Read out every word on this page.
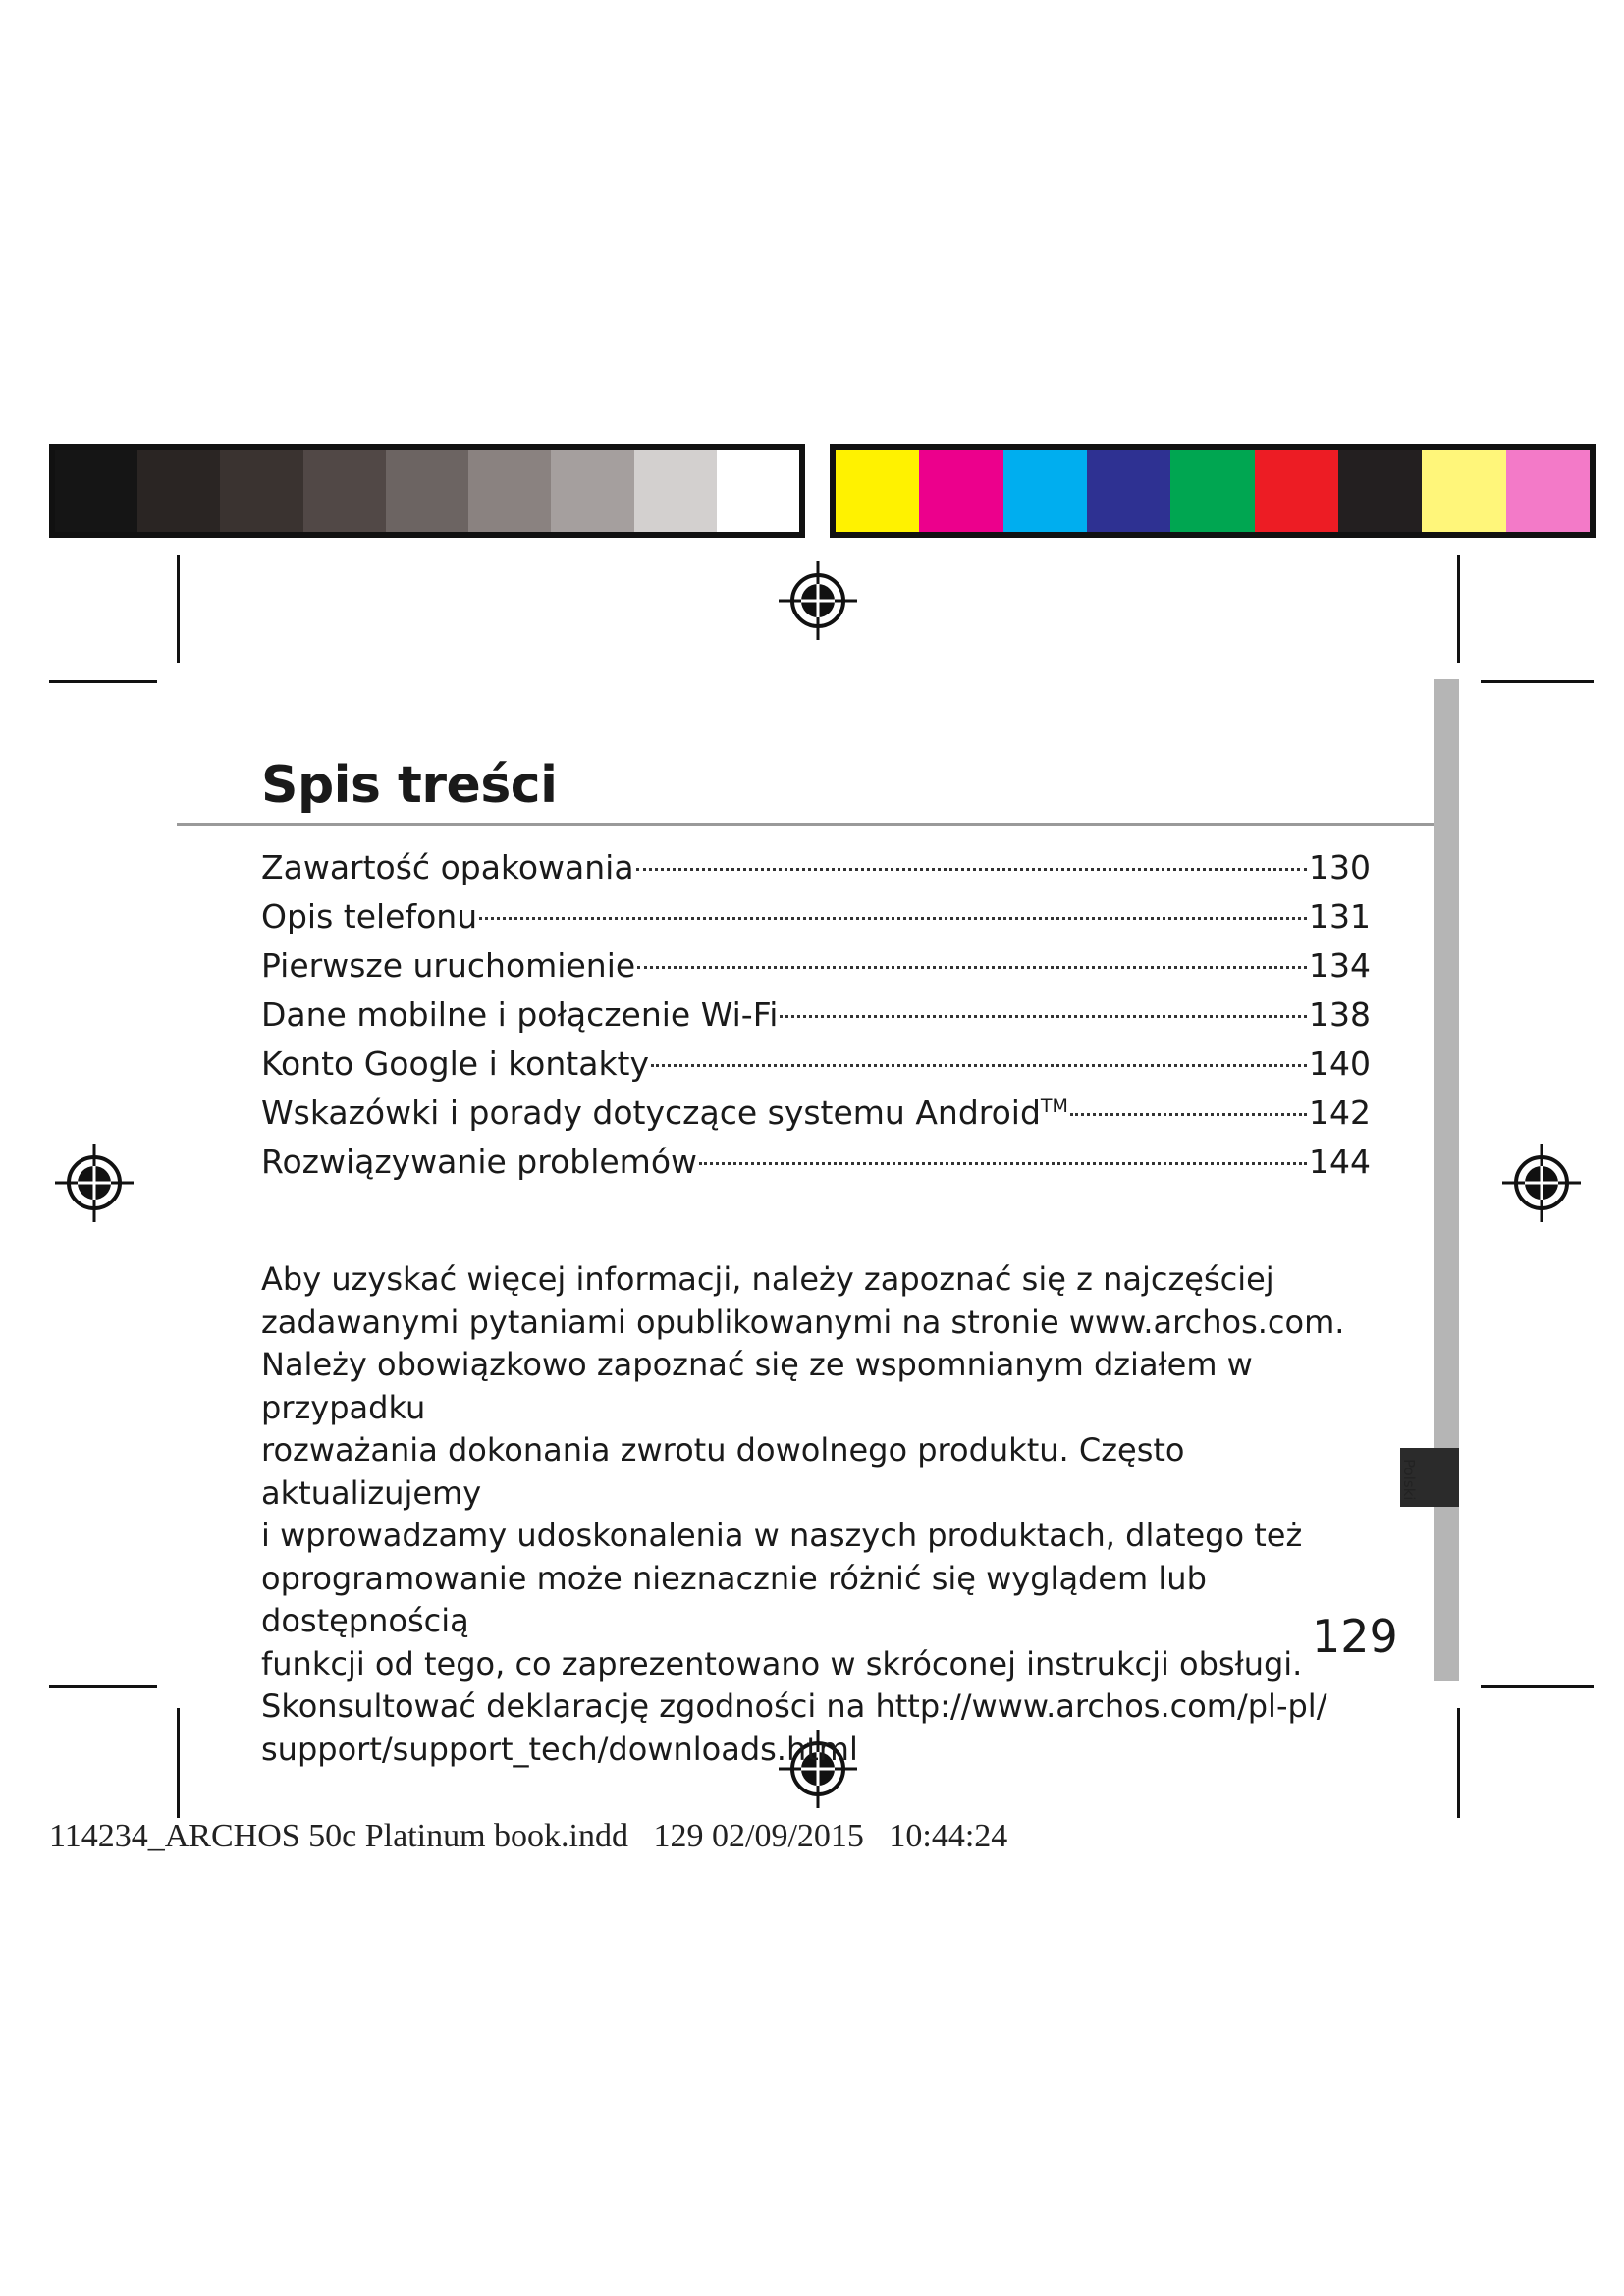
Polski
Spis treści
Zawartość opakowania	130
Opis telefonu	131
Pierwsze uruchomienie	134
Dane mobilne i połączenie Wi-Fi	138
Konto Google i kontakty	140
Wskazówki i porady dotyczące systemu Android™	142
Rozwiązywanie problemów	144

Aby uzyskać więcej informacji, należy zapoznać się z najczęściej

zadawanymi pytaniami opublikowanymi na stronie www.archos.com.

Należy obowiązkowo zapoznać się ze wspomnianym działem w przypadku

rozważania dokonania zwrotu dowolnego produktu. Często aktualizujemy

i wprowadzamy udoskonalenia w naszych produktach, dlatego też

oprogramowanie może nieznacznie różnić się wyglądem lub dostępnością

funkcji od tego, co zaprezentowano w skróconej instrukcji obsługi.

Skonsultować deklarację zgodności na http://www.archos.com/pl-pl/

support/support_tech/downloads.html

129
114234_ARCHOS 50c Platinum book.indd 129 02/09/2015 10:44:24
